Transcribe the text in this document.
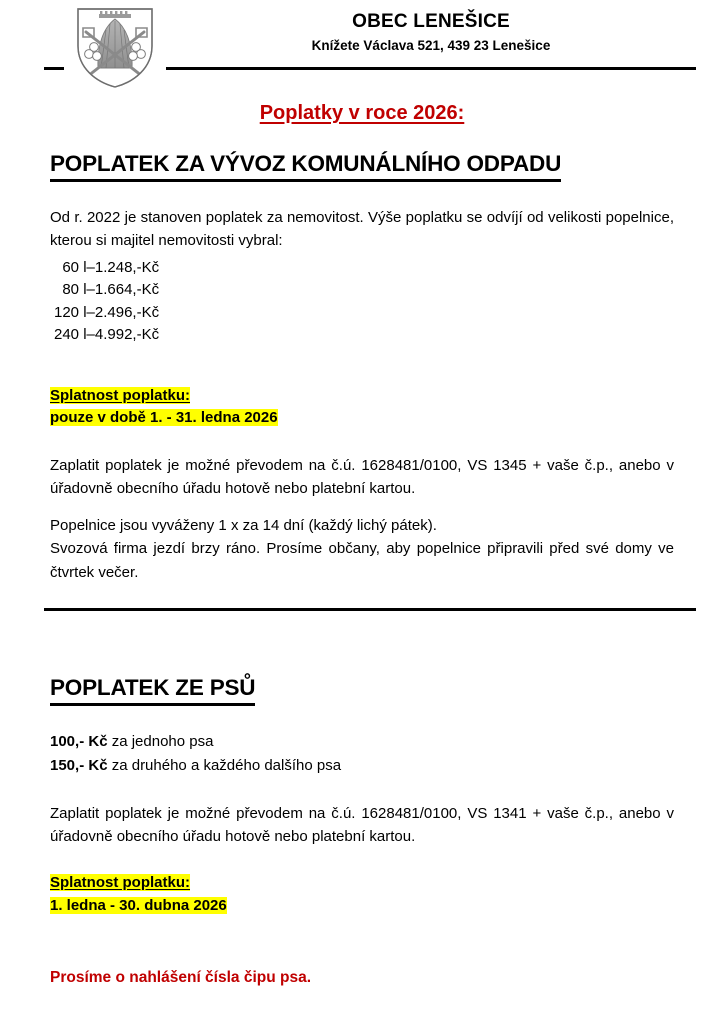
OBEC LENEŠICE
Knížete Václava 521, 439 23 Lenešice
Poplatky v roce 2026:
POPLATEK ZA VÝVOZ KOMUNÁLNÍHO ODPADU

Od r. 2022 je stanoven poplatek za nemovitost. Výše poplatku se odvíjí od velikosti popelnice, kterou si majitel nemovitosti vybral:

60 l	–	1.248,-	Kč
80 l	–	1.664,-	Kč
120 l	–	2.496,-	Kč
240 l	–	4.992,-	Kč
Splatnost poplatku:
pouze v době 1. - 31. ledna 2026

Zaplatit poplatek je možné převodem na č.ú. 1628481/0100, VS 1345 + vaše č.p., anebo v úřadovně obecního úřadu hotově nebo platební kartou.

Popelnice jsou vyváženy 1 x za 14 dní (každý lichý pátek).

Svozová firma jezdí brzy ráno. Prosíme občany, aby popelnice připravili před své domy ve čtvrtek večer.

POPLATEK ZE PSŮ
100,- Kč za jednoho psa
150,- Kč za druhého a každého dalšího psa

Zaplatit poplatek je možné převodem na č.ú. 1628481/0100, VS 1341 + vaše č.p., anebo v úřadovně obecního úřadu hotově nebo platební kartou.

Splatnost poplatku:
1. ledna - 30. dubna 2026
Prosíme o nahlášení čísla čipu psa.
